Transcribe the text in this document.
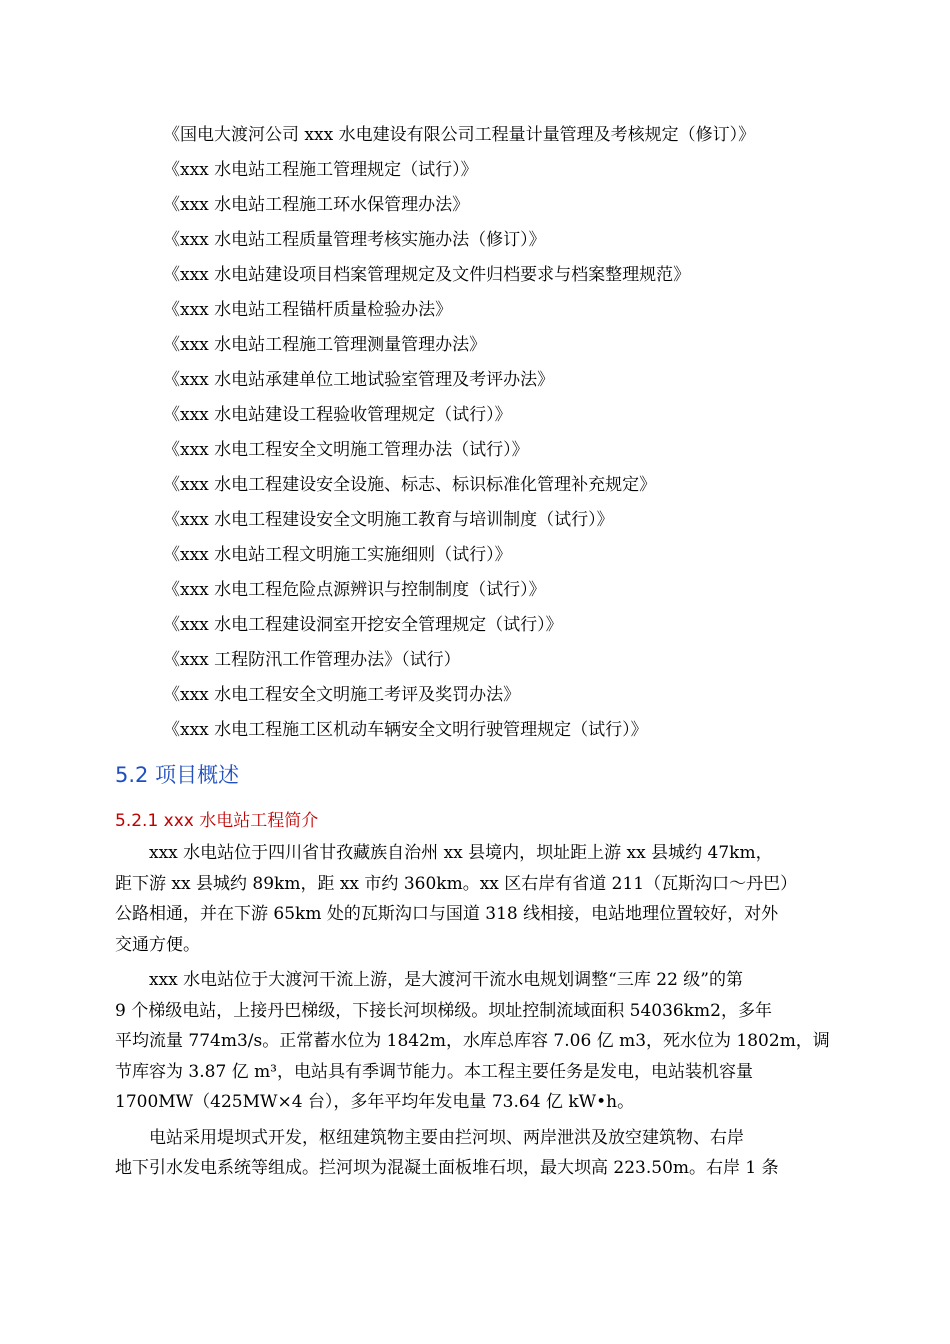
《国电大渡河公司 xxx 水电建设有限公司工程量计量管理及考核规定（修订）》
《xxx 水电站工程施工管理规定（试行）》
《xxx 水电站工程施工环水保管理办法》
《xxx 水电站工程质量管理考核实施办法（修订）》
《xxx 水电站建设项目档案管理规定及文件归档要求与档案整理规范》
《xxx 水电站工程锚杆质量检验办法》
《xxx 水电站工程施工管理测量管理办法》
《xxx 水电站承建单位工地试验室管理及考评办法》
《xxx 水电站建设工程验收管理规定（试行）》
《xxx 水电工程安全文明施工管理办法（试行）》
《xxx 水电工程建设安全设施、标志、标识标准化管理补充规定》
《xxx 水电工程建设安全文明施工教育与培训制度（试行）》
《xxx 水电站工程文明施工实施细则（试行）》
《xxx 水电工程危险点源辨识与控制制度（试行）》
《xxx 水电工程建设洞室开挖安全管理规定（试行）》
《xxx 工程防汛工作管理办法》（试行）
《xxx 水电工程安全文明施工考评及奖罚办法》
《xxx 水电工程施工区机动车辆安全文明行驶管理规定（试行）》
5.2 项目概述
5.2.1 xxx 水电站工程简介

xxx 水电站位于四川省甘孜藏族自治州 xx 县境内，坝址距上游 xx 县城约 47km，
距下游 xx 县城约 89km，距 xx 市约 360km。xx 区右岸有省道 211（瓦斯沟口～丹巴）
公路相通，并在下游 65km 处的瓦斯沟口与国道 318 线相接，电站地理位置较好，对外
交通方便。

xxx 水电站位于大渡河干流上游，是大渡河干流水电规划调整“三库 22 级”的第
9 个梯级电站，上接丹巴梯级，下接长河坝梯级。坝址控制流域面积 54036km2，多年
平均流量 774m3/s。正常蓄水位为 1842m，水库总库容 7.06 亿 m3，死水位为 1802m，调
节库容为 3.87 亿 m³，电站具有季调节能力。本工程主要任务是发电，电站装机容量
1700MW（425MW×4 台），多年平均年发电量 73.64 亿 kW•h。

电站采用堤坝式开发，枢纽建筑物主要由拦河坝、两岸泄洪及放空建筑物、右岸
地下引水发电系统等组成。拦河坝为混凝土面板堆石坝，最大坝高 223.50m。右岸 1 条
